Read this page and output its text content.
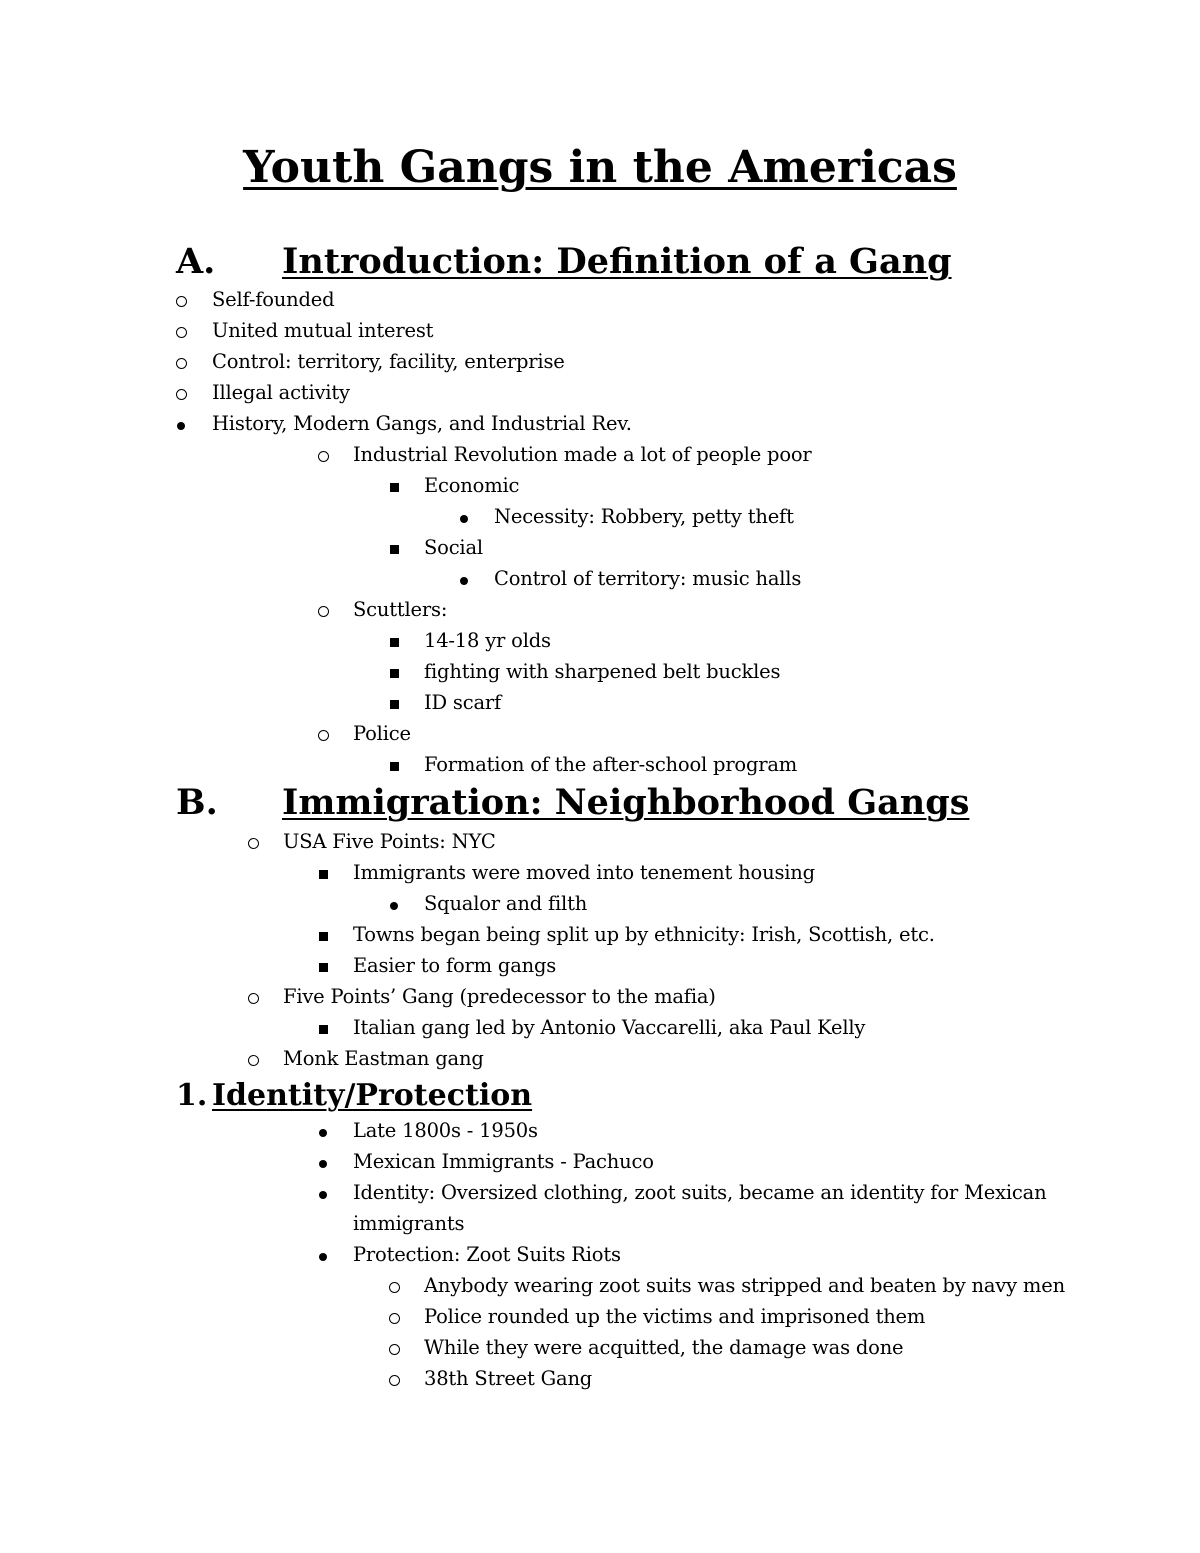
Youth Gangs in the Americas
A. Introduction: Definition of a Gang
Self-founded
United mutual interest
Control: territory, facility, enterprise
Illegal activity
History, Modern Gangs, and Industrial Rev.
Industrial Revolution made a lot of people poor
Economic
Necessity: Robbery, petty theft
Social
Control of territory: music halls
Scuttlers:
14-18 yr olds
fighting with sharpened belt buckles
ID scarf
Police
Formation of the after-school program
B. Immigration: Neighborhood Gangs
USA Five Points: NYC
Immigrants were moved into tenement housing
Squalor and filth
Towns began being split up by ethnicity: Irish, Scottish, etc.
Easier to form gangs
Five Points’ Gang (predecessor to the mafia)
Italian gang led by Antonio Vaccarelli, aka Paul Kelly
Monk Eastman gang
1. Identity/Protection
Late 1800s - 1950s
Mexican Immigrants - Pachuco
Identity: Oversized clothing, zoot suits, became an identity for Mexican
immigrants
Protection: Zoot Suits Riots
Anybody wearing zoot suits was stripped and beaten by navy men
Police rounded up the victims and imprisoned them
While they were acquitted, the damage was done
38th Street Gang
